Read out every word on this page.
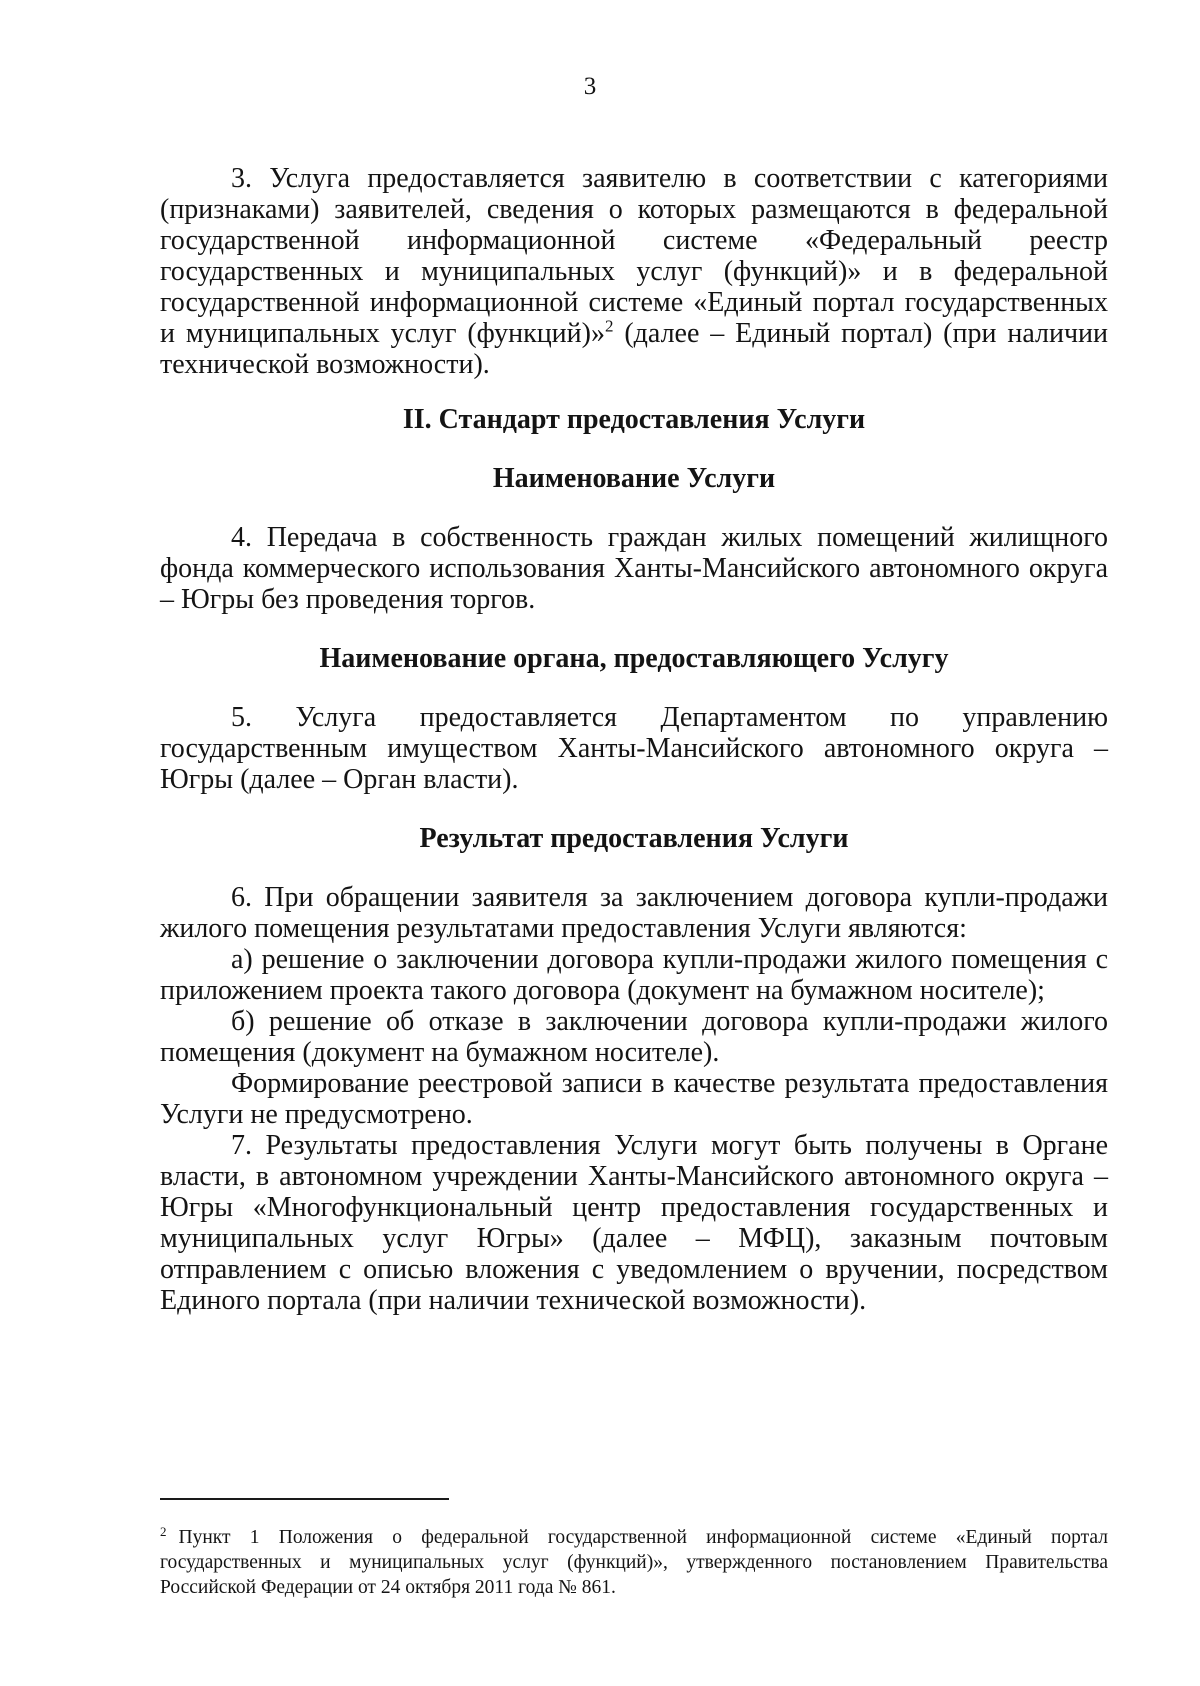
3

3. Услуга предоставляется заявителю в соответствии с категориями (признаками) заявителей, сведения о которых размещаются в федеральной государственной информационной системе «Федеральный реестр государственных и муниципальных услуг (функций)» и в федеральной государственной информационной системе «Единый портал государственных и муниципальных услуг (функций)»$^2$ (далее – Единый портал) (при наличии технической возможности).

II. Стандарт предоставления Услуги

Наименование Услуги

4. Передача в собственность граждан жилых помещений жилищного фонда коммерческого использования Ханты-Мансийского автономного округа – Югры без проведения торгов.

Наименование органа, предоставляющего Услугу

5. Услуга предоставляется Департаментом по управлению государственным имуществом Ханты-Мансийского автономного округа – Югры (далее – Орган власти).

Результат предоставления Услуги

6. При обращении заявителя за заключением договора купли-продажи жилого помещения результатами предоставления Услуги являются:

а) решение о заключении договора купли-продажи жилого помещения с приложением проекта такого договора (документ на бумажном носителе);

б) решение об отказе в заключении договора купли-продажи жилого помещения (документ на бумажном носителе).

Формирование реестровой записи в качестве результата предоставления Услуги не предусмотрено.

7. Результаты предоставления Услуги могут быть получены в Органе власти, в автономном учреждении Ханты-Мансийского автономного округа – Югры «Многофункциональный центр предоставления государственных и муниципальных услуг Югры» (далее – МФЦ), заказным почтовым отправлением с описью вложения с уведомлением о вручении, посредством Единого портала (при наличии технической возможности).

$^2$ Пункт 1 Положения о федеральной государственной информационной системе «Единый портал государственных и муниципальных услуг (функций)», утвержденного постановлением Правительства Российской Федерации от 24 октября 2011 года № 861.
